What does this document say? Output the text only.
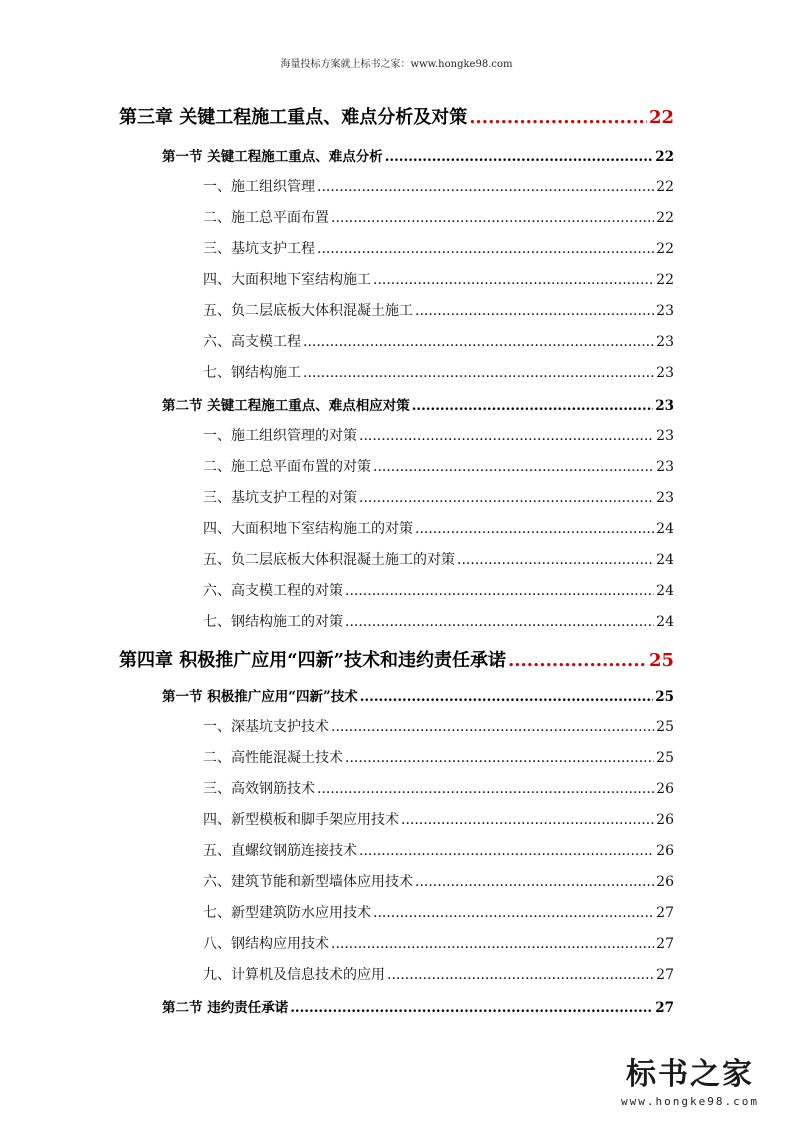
海量投标方案就上标书之家：www.hongke98.com
第三章 关键工程施工重点、难点分析及对策 .....	22
第一节 关键工程施工重点、难点分析 .....	22
一、施工组织管理 .....	22
二、施工总平面布置 .....	22
三、基坑支护工程 .....	22
四、大面积地下室结构施工 .....	22
五、负二层底板大体积混凝土施工 .....	23
六、高支模工程 .....	23
七、钢结构施工 .....	23
第二节 关键工程施工重点、难点相应对策 .....	23
一、施工组织管理的对策 .....	23
二、施工总平面布置的对策 .....	23
三、基坑支护工程的对策 .....	23
四、大面积地下室结构施工的对策 .....	24
五、负二层底板大体积混凝土施工的对策 .....	24
六、高支模工程的对策 .....	24
七、钢结构施工的对策 .....	24
第四章 积极推广应用“四新”技术和违约责任承诺 .....	25
第一节 积极推广应用“四新”技术 .....	25
一、深基坑支护技术 .....	25
二、高性能混凝土技术 .....	25
三、高效钢筋技术 .....	26
四、新型模板和脚手架应用技术 .....	26
五、直螺纹钢筋连接技术 .....	26
六、建筑节能和新型墙体应用技术 .....	26
七、新型建筑防水应用技术 .....	27
八、钢结构应用技术 .....	27
九、计算机及信息技术的应用 .....	27
第二节 违约责任承诺 .....	27
标书之家
www.hongke98.com
